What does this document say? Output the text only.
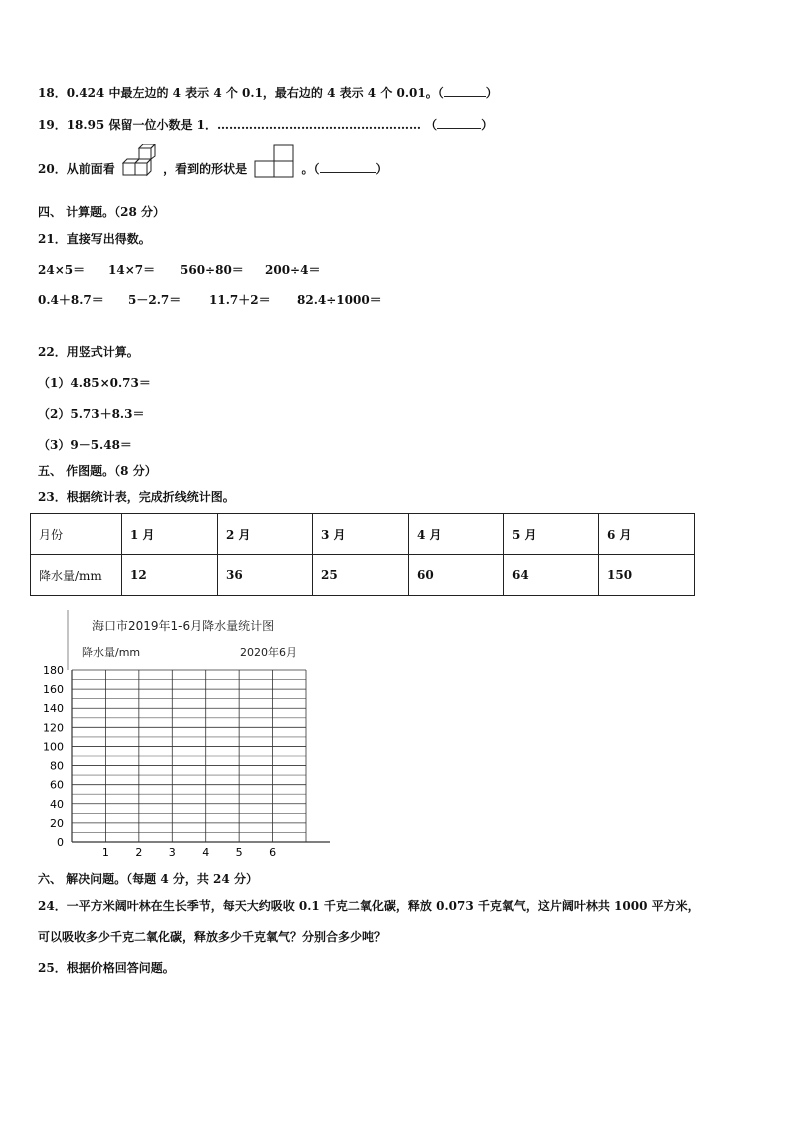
18．0.424 中最左边的 4 表示 4 个 0.1，最右边的 4 表示 4 个 0.01。（	）
19．18.95 保留一位小数是 1．…………………………………………… （	）
20．从前面看	，看到的形状是	。（	）
四、 计算题。（28 分）
21．直接写出得数。
24×5＝ 14×7＝ 560÷80＝ 200÷4＝
0.4＋8.7＝ 5－2.7＝ 11.7＋2＝ 82.4÷1000＝
22．用竖式计算。
（1）4.85×0.73＝
（2）5.73＋8.3＝
（3）9－5.48＝
五、 作图题。（8 分）
23．根据统计表，完成折线统计图。
月份	1 月	2 月	3 月	4 月	5 月	6 月
降水量/mm	12	36	25	60	64	150
海口市2019年1-6月降水量统计图
降水量/mm	2020年6月
0
20
40
60
80
100
120
140
160
180
1 2 3 4 5 6
六、 解决问题。（每题 4 分，共 24 分）
24．一平方米阔叶林在生长季节，每天大约吸收 0.1 千克二氧化碳，释放 0.073 千克氧气，这片阔叶林共 1000 平方米，
可以吸收多少千克二氧化碳，释放多少千克氧气？分别合多少吨？
25．根据价格回答问题。
